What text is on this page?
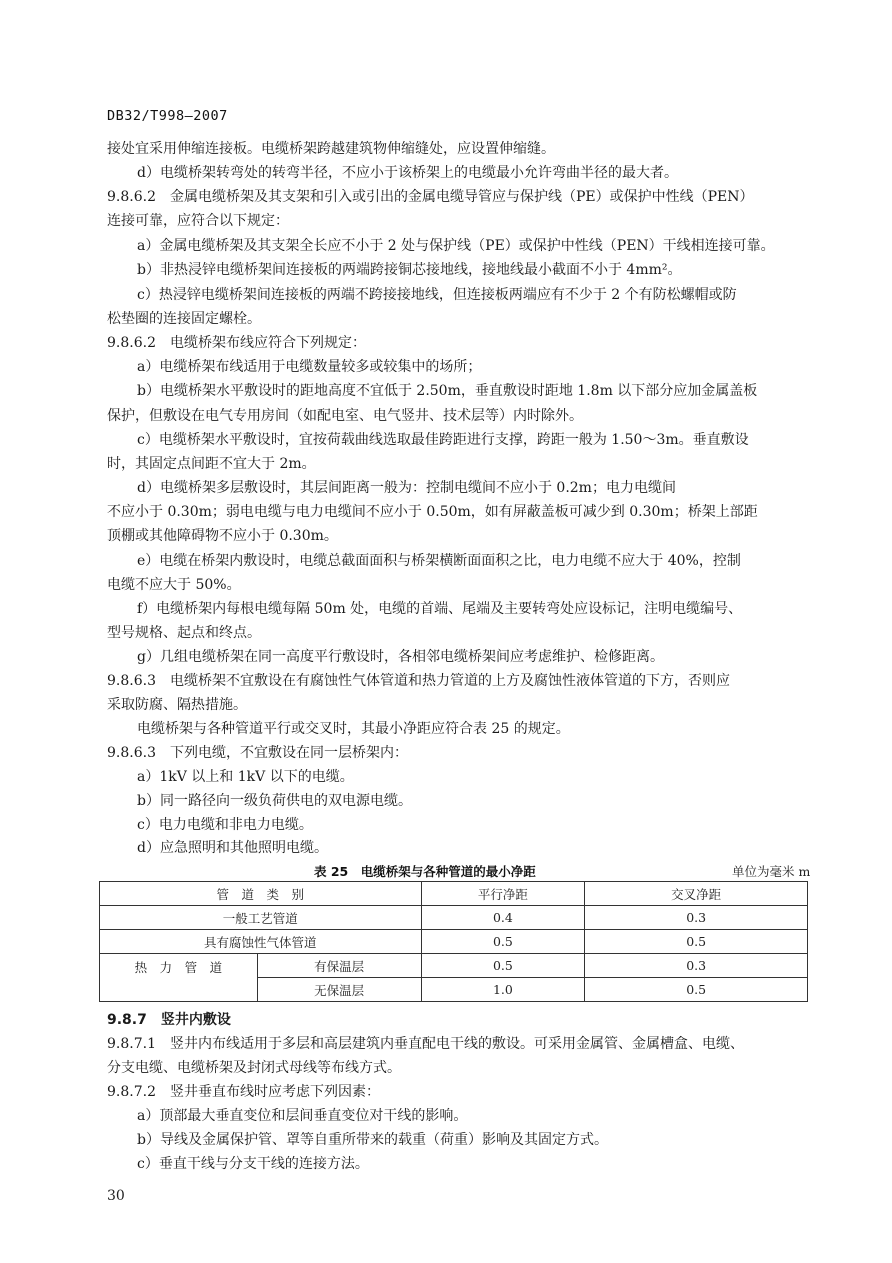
DB32/T998—2007
接处宜采用伸缩连接板。电缆桥架跨越建筑物伸缩缝处，应设置伸缩缝。
d）电缆桥架转弯处的转弯半径，不应小于该桥架上的电缆最小允许弯曲半径的最大者。
9.8.6.2　金属电缆桥架及其支架和引入或引出的金属电缆导管应与保护线（PE）或保护中性线（PEN）
连接可靠，应符合以下规定：
a）金属电缆桥架及其支架全长应不小于 2 处与保护线（PE）或保护中性线（PEN）干线相连接可靠。
b）非热浸锌电缆桥架间连接板的两端跨接铜芯接地线，接地线最小截面不小于 4mm²。
c）热浸锌电缆桥架间连接板的两端不跨接接地线，但连接板两端应有不少于 2 个有防松螺帽或防
松垫圈的连接固定螺栓。
9.8.6.2　电缆桥架布线应符合下列规定：
a）电缆桥架布线适用于电缆数量较多或较集中的场所；
b）电缆桥架水平敷设时的距地高度不宜低于 2.50m，垂直敷设时距地 1.8m 以下部分应加金属盖板
保护，但敷设在电气专用房间（如配电室、电气竖井、技术层等）内时除外。
c）电缆桥架水平敷设时，宜按荷载曲线选取最佳跨距进行支撑，跨距一般为 1.50～3m。垂直敷设
时，其固定点间距不宜大于 2m。
d）电缆桥架多层敷设时，其层间距离一般为：控制电缆间不应小于 0.2m；电力电缆间
不应小于 0.30m；弱电电缆与电力电缆间不应小于 0.50m，如有屏蔽盖板可减少到 0.30m；桥架上部距
顶棚或其他障碍物不应小于 0.30m。
e）电缆在桥架内敷设时，电缆总截面面积与桥架横断面面积之比，电力电缆不应大于 40%，控制
电缆不应大于 50%。
f）电缆桥架内每根电缆每隔 50m 处，电缆的首端、尾端及主要转弯处应设标记，注明电缆编号、
型号规格、起点和终点。
g）几组电缆桥架在同一高度平行敷设时，各相邻电缆桥架间应考虑维护、检修距离。
9.8.6.3　电缆桥架不宜敷设在有腐蚀性气体管道和热力管道的上方及腐蚀性液体管道的下方，否则应
采取防腐、隔热措施。
电缆桥架与各种管道平行或交叉时，其最小净距应符合表 25 的规定。
9.8.6.3　下列电缆，不宜敷设在同一层桥架内：
a）1kV 以上和 1kV 以下的电缆。
b）同一路径向一级负荷供电的双电源电缆。
c）电力电缆和非电力电缆。
d）应急照明和其他照明电缆。
表 25　电缆桥架与各种管道的最小净距	单位为毫米 m
管　道　类　别		平行净距	交叉净距
一般工艺管道		0.4	0.3
具有腐蚀性气体管道		0.5	0.5
热　力　管　道	有保温层	0.5	0.3
	无保温层	1.0	0.5
9.8.7　竖井内敷设
9.8.7.1　竖井内布线适用于多层和高层建筑内垂直配电干线的敷设。可采用金属管、金属槽盒、电缆、
分支电缆、电缆桥架及封闭式母线等布线方式。
9.8.7.2　竖井垂直布线时应考虑下列因素：
a）顶部最大垂直变位和层间垂直变位对干线的影响。
b）导线及金属保护管、罩等自重所带来的载重（荷重）影响及其固定方式。
c）垂直干线与分支干线的连接方法。
30
